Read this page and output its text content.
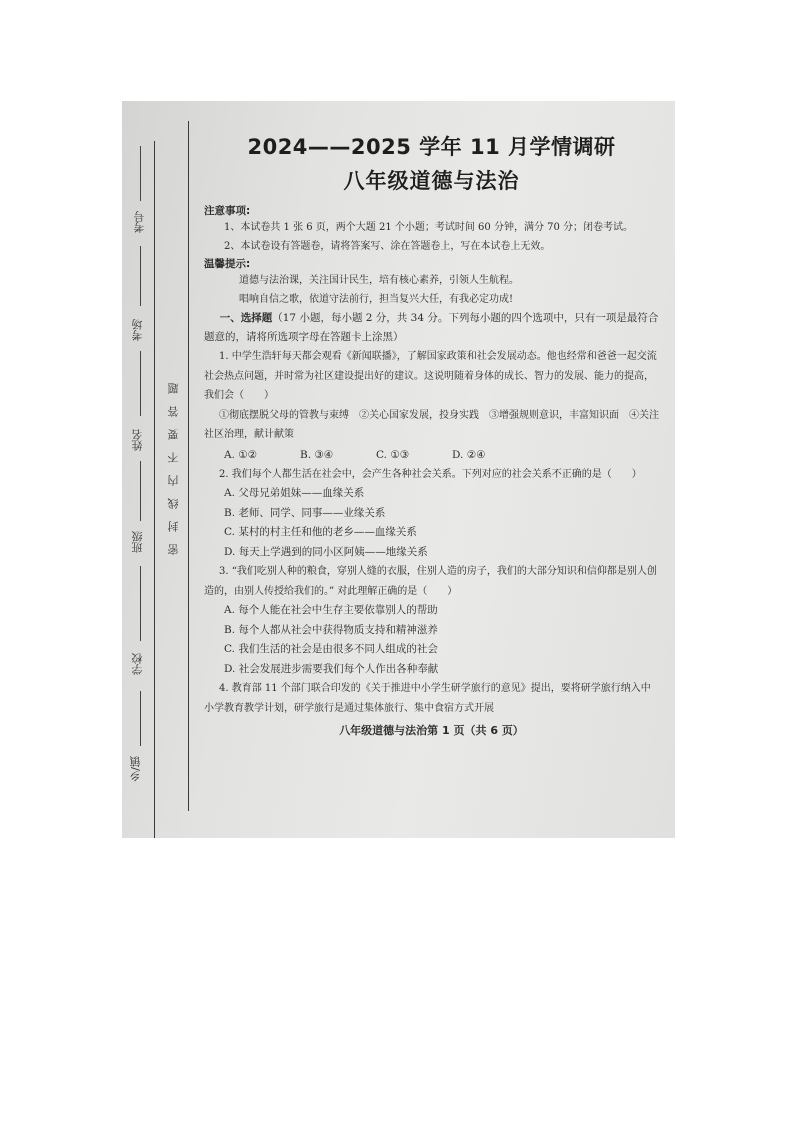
考号
考场
姓名
班级
学校
乡/镇
密封线内不要答题
2024——2025 学年 11 月学情调研
八年级道德与法治
注意事项:
1、本试卷共 1 张 6 页，两个大题 21 个小题；考试时间 60 分钟，满分 70 分；闭卷考试。
2、本试卷设有答题卷，请将答案写、涂在答题卷上，写在本试卷上无效。
温馨提示:
道德与法治课，关注国计民生，培有核心素养，引领人生航程。
唱响自信之歌，依道守法前行，担当复兴大任，有我必定功成!
一、选择题（17 小题，每小题 2 分，共 34 分。下列每小题的四个选项中，只有一项是最符合题意的，请将所选项字母在答题卡上涂黑）
1. 中学生浩轩每天都会观看《新闻联播》，了解国家政策和社会发展动态。他也经常和爸爸一起交流社会热点问题，并时常为社区建设提出好的建议。这说明随着身体的成长、智力的发展、能力的提高，我们会（　　）
①彻底摆脱父母的管教与束缚　②关心国家发展，投身实践　③增强规则意识，丰富知识面　④关注社区治理，献计献策
A. ①②	B. ③④	C. ①③	D. ②④
2. 我们每个人都生活在社会中，会产生各种社会关系。下列对应的社会关系不正确的是（　　）
A. 父母兄弟姐妹——血缘关系
B. 老师、同学、同事——业缘关系
C. 某村的村主任和他的老乡——血缘关系
D. 每天上学遇到的同小区阿姨——地缘关系
3. “我们吃别人种的粮食，穿别人缝的衣服，住别人造的房子，我们的大部分知识和信仰都是别人创造的，由别人传授给我们的。” 对此理解正确的是（　　）
A. 每个人能在社会中生存主要依靠别人的帮助
B. 每个人都从社会中获得物质支持和精神滋养
C. 我们生活的社会是由很多不同人组成的社会
D. 社会发展进步需要我们每个人作出各种奉献
4. 教育部 11 个部门联合印发的《关于推进中小学生研学旅行的意见》提出，要将研学旅行纳入中小学教育教学计划，研学旅行是通过集体旅行、集中食宿方式开展
八年级道德与法治第 1 页（共 6 页）
